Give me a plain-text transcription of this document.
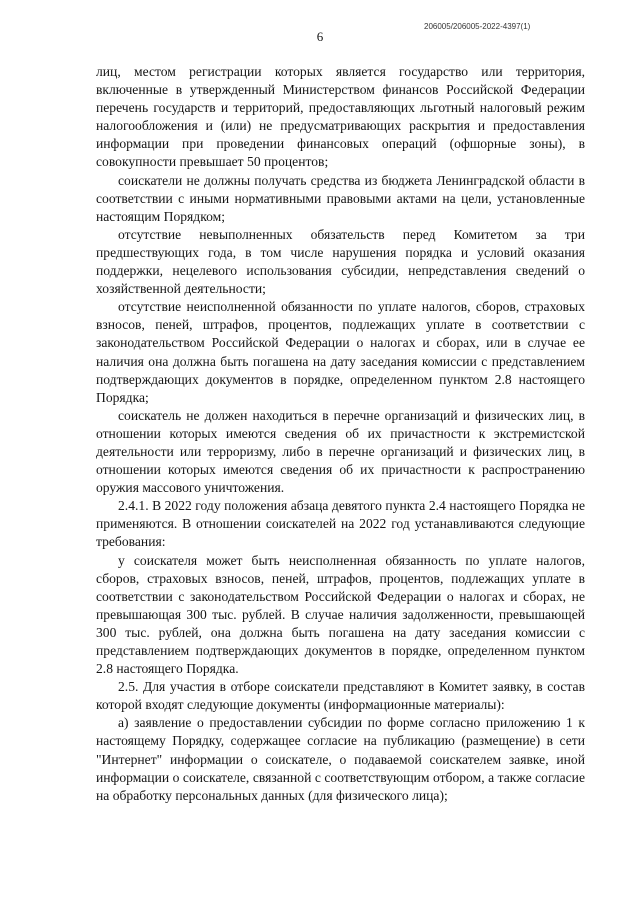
206005/206005-2022-4397(1)
6

лиц, местом регистрации которых является государство или территория, включенные в утвержденный Министерством финансов Российской Федерации перечень государств и территорий, предоставляющих льготный налоговый режим налогообложения и (или) не предусматривающих раскрытия и предоставления информации при проведении финансовых операций (офшорные зоны), в совокупности превышает 50 процентов;

соискатели не должны получать средства из бюджета Ленинградской области в соответствии с иными нормативными правовыми актами на цели, установленные настоящим Порядком;

отсутствие невыполненных обязательств перед Комитетом за три предшествующих года, в том числе нарушения порядка и условий оказания поддержки, нецелевого использования субсидии, непредставления сведений о хозяйственной деятельности;

отсутствие неисполненной обязанности по уплате налогов, сборов, страховых взносов, пеней, штрафов, процентов, подлежащих уплате в соответствии с законодательством Российской Федерации о налогах и сборах, или в случае ее наличия она должна быть погашена на дату заседания комиссии с представлением подтверждающих документов в порядке, определенном пунктом 2.8 настоящего Порядка;

соискатель не должен находиться в перечне организаций и физических лиц, в отношении которых имеются сведения об их причастности к экстремистской деятельности или терроризму, либо в перечне организаций и физических лиц, в отношении которых имеются сведения об их причастности к распространению оружия массового уничтожения.

2.4.1. В 2022 году положения абзаца девятого пункта 2.4 настоящего Порядка не применяются. В отношении соискателей на 2022 год устанавливаются следующие требования:

у соискателя может быть неисполненная обязанность по уплате налогов, сборов, страховых взносов, пеней, штрафов, процентов, подлежащих уплате в соответствии с законодательством Российской Федерации о налогах и сборах, не превышающая 300 тыс. рублей. В случае наличия задолженности, превышающей 300 тыс. рублей, она должна быть погашена на дату заседания комиссии с представлением подтверждающих документов в порядке, определенном пунктом 2.8 настоящего Порядка.

2.5. Для участия в отборе соискатели представляют в Комитет заявку, в состав которой входят следующие документы (информационные материалы):

а) заявление о предоставлении субсидии по форме согласно приложению 1 к настоящему Порядку, содержащее согласие на публикацию (размещение) в сети "Интернет" информации о соискателе, о подаваемой соискателем заявке, иной информации о соискателе, связанной с соответствующим отбором, а также согласие на обработку персональных данных (для физического лица);
